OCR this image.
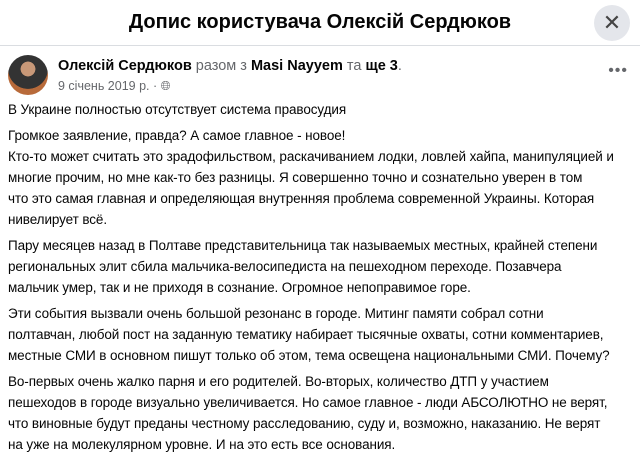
Допис користувача Олексій Сердюков	✕
Олексій Сердюков разом з Masi Nayyem та ще 3.
9 січень 2019 р. · 🌐︎
•••
В Украине полностью отсутствует система правосудия
Громкое заявление, правда? А самое главное - новое!
Кто-то может считать это зрадофильством, раскачиванием лодки, ловлей хайпа, манипуляцией и
многие прочим, но мне как-то без разницы. Я совершенно точно и сознательно уверен в том
что это самая главная и определяющая внутренняя проблема современной Украины. Которая
нивелирует всё.
Пару месяцев назад в Полтаве представительница так называемых местных, крайней степени
региональных элит сбила мальчика-велосипедиста на пешеходном переходе. Позавчера
мальчик умер, так и не приходя в сознание. Огромное непоправимое горе.
Эти события вызвали очень большой резонанс в городе. Митинг памяти собрал сотни
полтавчан, любой пост на заданную тематику набирает тысячные охваты, сотни комментариев,
местные СМИ в основном пишут только об этом, тема освещена национальными СМИ. Почему?
Во-первых очень жалко парня и его родителей. Во-вторых, количество ДТП у участием
пешеходов в городе визуально увеличивается. Но самое главное - люди АБСОЛЮТНО не верят,
что виновные будут преданы честному расследованию, суду и, возможно, наказанию. Не верят
на уже на молекулярном уровне. И на это есть все основания.
